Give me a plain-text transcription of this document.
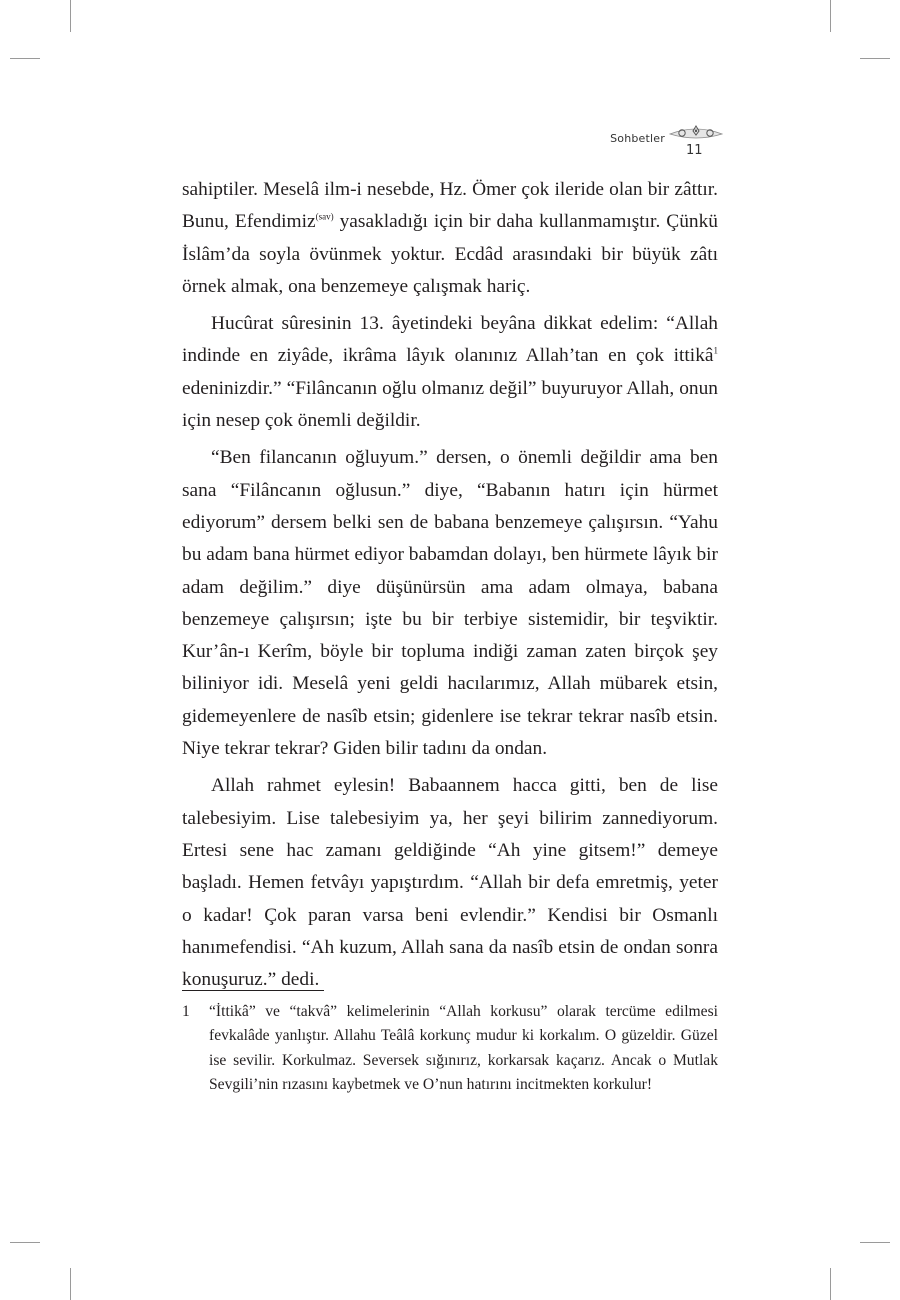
Sohbetler
11

sahiptiler. Meselâ ilm-i nesebde, Hz. Ömer çok ileride olan bir zâttır. Bunu, Efendimiz$^{(sav)}$ yasakladığı için bir daha kullanmamıştır. Çünkü İslâm’da soyla övünmek yoktur. Ecdâd arasındaki bir büyük zâtı örnek almak, ona benzemeye çalışmak hariç.

Hucûrat sûresinin 13. âyetindeki beyâna dikkat edelim: “Allah indinde en ziyâde, ikrâma lâyık olanınız Allah’tan en çok ittikâ$^1$ edeninizdir.” “Filâncanın oğlu olmanız değil” buyuruyor Allah, onun için nesep çok önemli değildir.

“Ben filancanın oğluyum.” dersen, o önemli değildir ama ben sana “Filâncanın oğlusun.” diye, “Babanın hatırı için hürmet ediyorum” dersem belki sen de babana benzemeye çalışırsın. “Yahu bu adam bana hürmet ediyor babamdan dolayı, ben hürmete lâyık bir adam değilim.” diye düşünürsün ama adam olmaya, babana benzemeye çalışırsın; işte bu bir terbiye sistemidir, bir teşviktir. Kur’ân-ı Kerîm, böyle bir topluma indiği zaman zaten birçok şey biliniyor idi. Meselâ yeni geldi hacılarımız, Allah mübarek etsin, gidemeyenlere de nasîb etsin; gidenlere ise tekrar tekrar nasîb etsin. Niye tekrar tekrar? Giden bilir tadını da ondan.

Allah rahmet eylesin! Babaannem hacca gitti, ben de lise talebesiyim. Lise talebesiyim ya, her şeyi bilirim zannediyorum. Ertesi sene hac zamanı geldiğinde “Ah yine gitsem!” demeye başladı. Hemen fetvâyı yapıştırdım. “Allah bir defa emretmiş, yeter o kadar! Çok paran varsa beni evlendir.” Kendisi bir Osmanlı hanımefendisi. “Ah kuzum, Allah sana da nasîb etsin de ondan sonra konuşuruz.” dedi.

1 “İttikâ” ve “takvâ” kelimelerinin “Allah korkusu” olarak tercüme edilmesi fevkalâde yanlıştır. Allahu Teâlâ korkunç mudur ki korkalım. O güzeldir. Güzel ise sevilir. Korkulmaz. Seversek sığınırız, korkarsak kaçarız. Ancak o Mutlak Sevgili’nin rızasını kaybetmek ve O’nun hatırını incitmekten korkulur!
